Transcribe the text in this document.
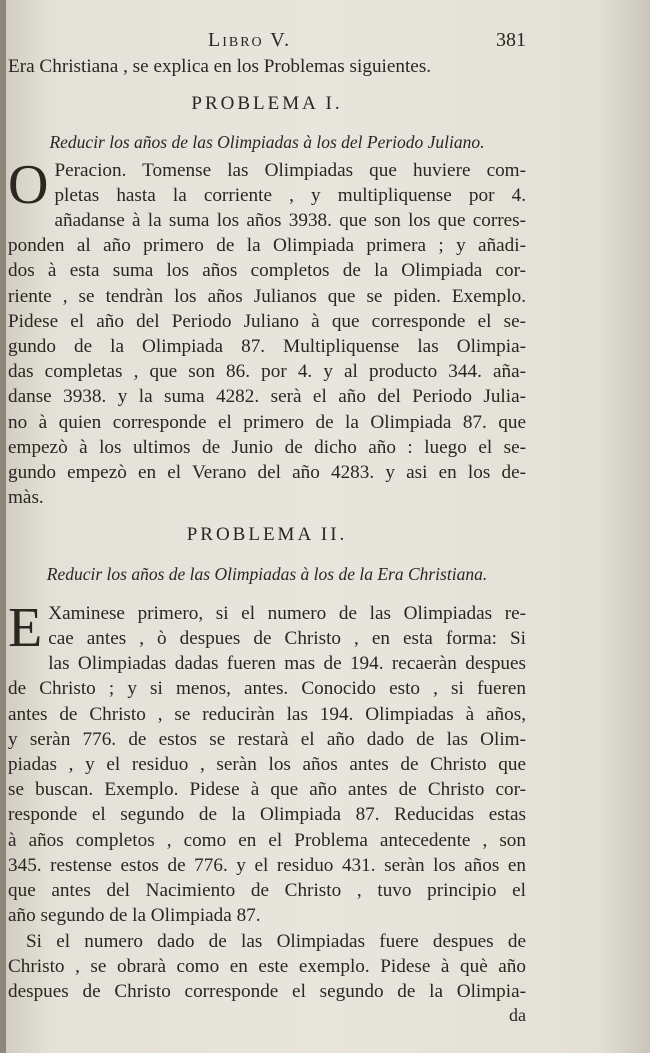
Libro V.	381
Era Christiana , se explica en los Problemas siguientes.
PROBLEMA I.
Reducir los años de las Olimpiadas à los del Periodo Juliano.
O Peracion. Tomense las Olimpiadas que huviere com-
pletas hasta la corriente , y multipliquense por 4.
añadanse à la suma los años 3938. que son los que corres-
ponden al año primero de la Olimpiada primera ; y añadi-
dos à esta suma los años completos de la Olimpiada cor-
riente , se tendràn los años Julianos que se piden. Exemplo.
Pidese el año del Periodo Juliano à que corresponde el se-
gundo de la Olimpiada 87. Multipliquense las Olimpia-
das completas , que son 86. por 4. y al producto 344. aña-
danse 3938. y la suma 4282. serà el año del Periodo Julia-
no à quien corresponde el primero de la Olimpiada 87. que
empezò à los ultimos de Junio de dicho año : luego el se-
gundo empezò en el Verano del año 4283. y asi en los de-
màs.
PROBLEMA II.
Reducir los años de las Olimpiadas à los de la Era Christiana.
E Xaminese primero, si el numero de las Olimpiadas re-
cae antes , ò despues de Christo , en esta forma: Si
las Olimpiadas dadas fueren mas de 194. recaeràn despues
de Christo ; y si menos, antes. Conocido esto , si fueren
antes de Christo , se reduciràn las 194. Olimpiadas à años,
y seràn 776. de estos se restarà el año dado de las Olim-
piadas , y el residuo , seràn los años antes de Christo que
se buscan. Exemplo. Pidese à que año antes de Christo cor-
responde el segundo de la Olimpiada 87. Reducidas estas
à años completos , como en el Problema antecedente , son
345. restense estos de 776. y el residuo 431. seràn los años en
que antes del Nacimiento de Christo , tuvo principio el
año segundo de la Olimpiada 87.
Si el numero dado de las Olimpiadas fuere despues de
Christo , se obrarà como en este exemplo. Pidese à què año
despues de Christo corresponde el segundo de la Olimpia-
da
